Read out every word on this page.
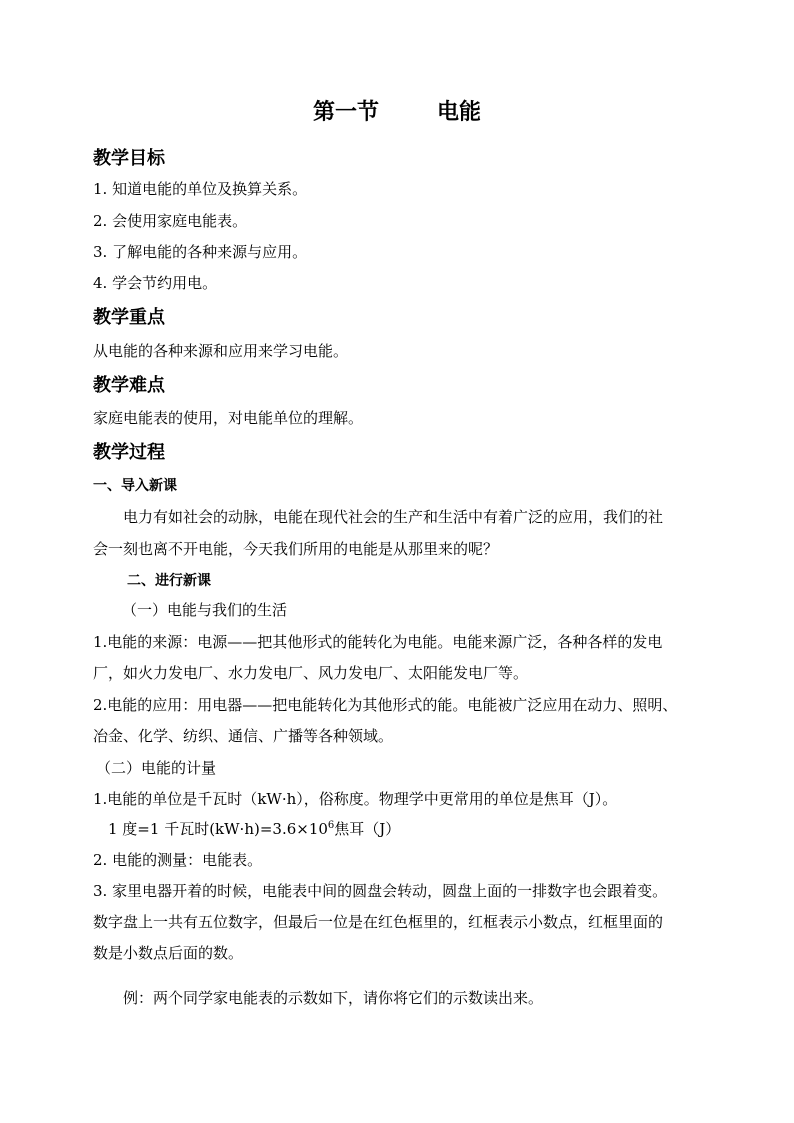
第一节	电能
教学目标
1. 知道电能的单位及换算关系。
2. 会使用家庭电能表。
3. 了解电能的各种来源与应用。
4. 学会节约用电。
教学重点
从电能的各种来源和应用来学习电能。
教学难点
家庭电能表的使用，对电能单位的理解。
教学过程
一、导入新课
电力有如社会的动脉，电能在现代社会的生产和生活中有着广泛的应用，我们的社
会一刻也离不开电能，今天我们所用的电能是从那里来的呢？
二、进行新课
（一）电能与我们的生活
1.电能的来源：电源——把其他形式的能转化为电能。电能来源广泛，各种各样的发电
厂，如火力发电厂、水力发电厂、风力发电厂、太阳能发电厂等。
2.电能的应用：用电器——把电能转化为其他形式的能。电能被广泛应用在动力、照明、
冶金、化学、纺织、通信、广播等各种领域。
（二）电能的计量
1.电能的单位是千瓦时（kW·h），俗称度。物理学中更常用的单位是焦耳（J）。
1 度=1 千瓦时$(kW\cdot h)=3.6\times 10^6$焦耳（J）
2. 电能的测量：电能表。
3. 家里电器开着的时候，电能表中间的圆盘会转动，圆盘上面的一排数字也会跟着变。
数字盘上一共有五位数字，但最后一位是在红色框里的，红框表示小数点，红框里面的
数是小数点后面的数。
例：两个同学家电能表的示数如下，请你将它们的示数读出来。
